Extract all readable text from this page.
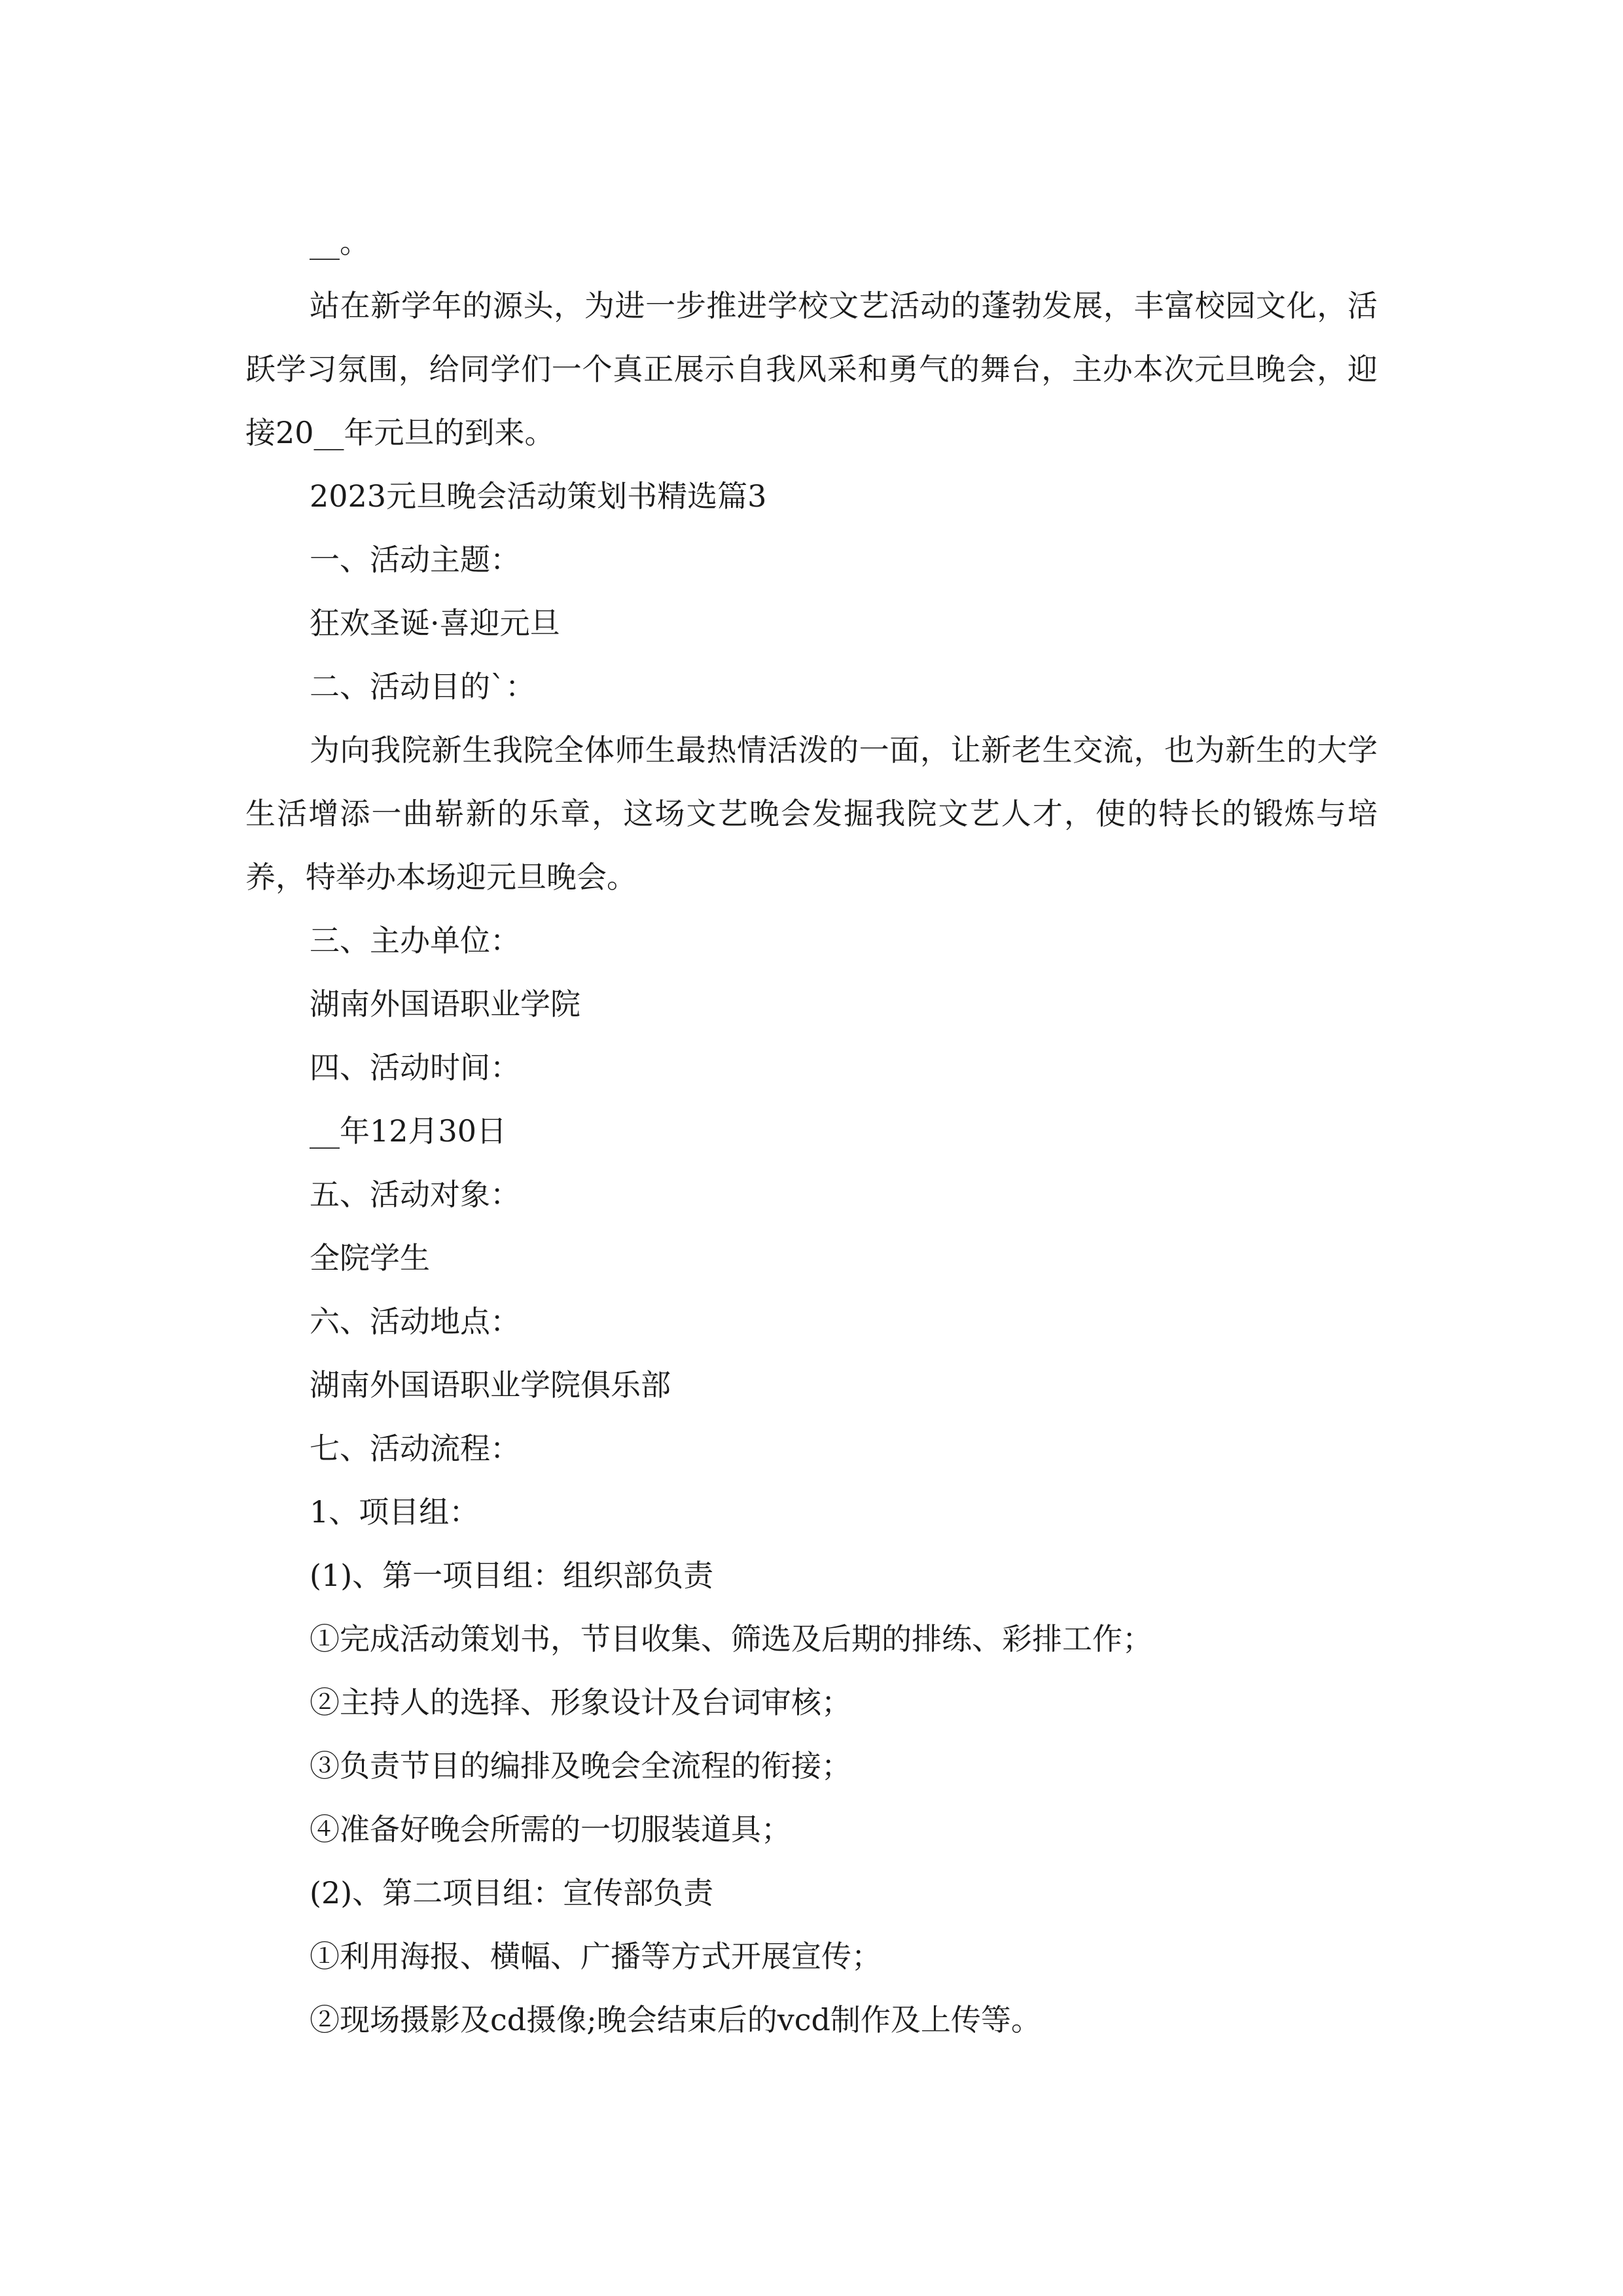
__。

站在新学年的源头，为进一步推进学校文艺活动的蓬勃发展，丰富校园文化，活跃学习氛围，给同学们一个真正展示自我风采和勇气的舞台，主办本次元旦晚会，迎接20__年元旦的到来。

2023元旦晚会活动策划书精选篇3

一、活动主题：

狂欢圣诞·喜迎元旦

二、活动目的`：

为向我院新生我院全体师生最热情活泼的一面，让新老生交流，也为新生的大学生活增添一曲崭新的乐章，这场文艺晚会发掘我院文艺人才，使的特长的锻炼与培养，特举办本场迎元旦晚会。

三、主办单位：

湖南外国语职业学院

四、活动时间：

__年12月30日

五、活动对象：

全院学生

六、活动地点：

湖南外国语职业学院俱乐部

七、活动流程：

1、项目组：

(1)、第一项目组：组织部负责

①完成活动策划书，节目收集、筛选及后期的排练、彩排工作；

②主持人的选择、形象设计及台词审核；

③负责节目的编排及晚会全流程的衔接；

④准备好晚会所需的一切服装道具；

(2)、第二项目组：宣传部负责

①利用海报、横幅、广播等方式开展宣传；

②现场摄影及cd摄像;晚会结束后的vcd制作及上传等。
